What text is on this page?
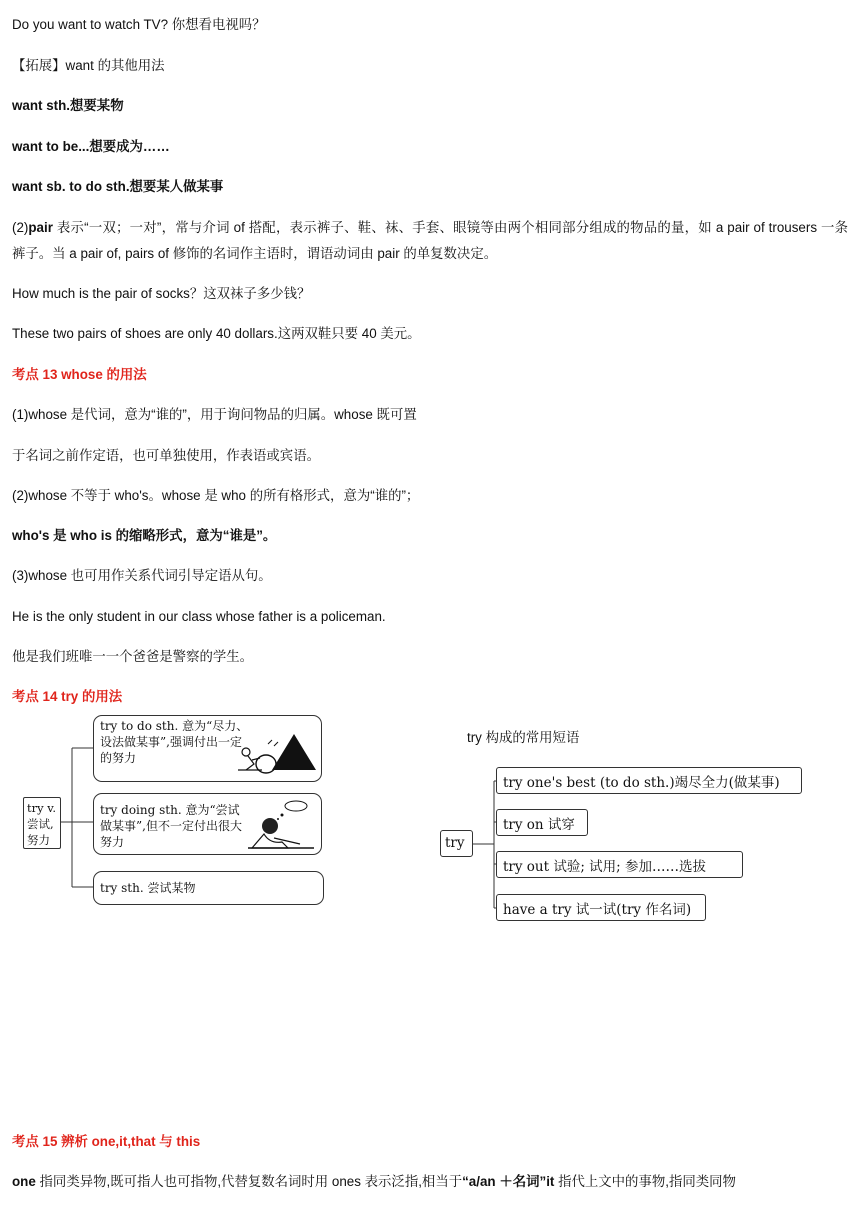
Do you want to watch TV? 你想看电视吗？
【拓展】want 的其他用法
want sth.想要某物
want to be...想要成为……
want sb. to do sth.想要某人做某事
(2)pair 表示“一双；一对”，常与介词 of 搭配，表示裤子、鞋、袜、手套、眼镜等由两个相同部分组成的物品的量，如 a pair of trousers 一条裤子。当 a pair of, pairs of 修饰的名词作主语时，谓语动词由 pair 的单复数决定。
How much is the pair of socks？这双袜子多少钱？
These two pairs of shoes are only 40 dollars.这两双鞋只要 40 美元。
考点 13 whose 的用法
(1)whose 是代词，意为“谁的”，用于询问物品的归属。whose 既可置
于名词之前作定语，也可单独使用，作表语或宾语。
(2)whose 不等于 who's。whose 是 who 的所有格形式，意为“谁的”；
who's 是 who is 的缩略形式，意为“谁是”。
(3)whose 也可用作关系代词引导定语从句。
He is the only student in our class whose father is a policeman.
他是我们班唯一一个爸爸是警察的学生。
考点 14 try 的用法
try v. 尝试, 努力
try to do sth. 意为“尽力、设法做某事”,强调付出一定的努力
try doing sth. 意为“尝试做某事”,但不一定付出很大努力
try sth. 尝试某物
try 构成的常用短语
try
try one's best (to do sth.)竭尽全力(做某事)
try on 试穿
try out 试验; 试用; 参加……选拔
have a try 试一试(try 作名词)
考点 15 辨析 one,it,that 与 this
one 指同类异物,既可指人也可指物,代替复数名词时用 ones 表示泛指,相当于“a/an ＋名词”it 指代上文中的事物,指同类同物
